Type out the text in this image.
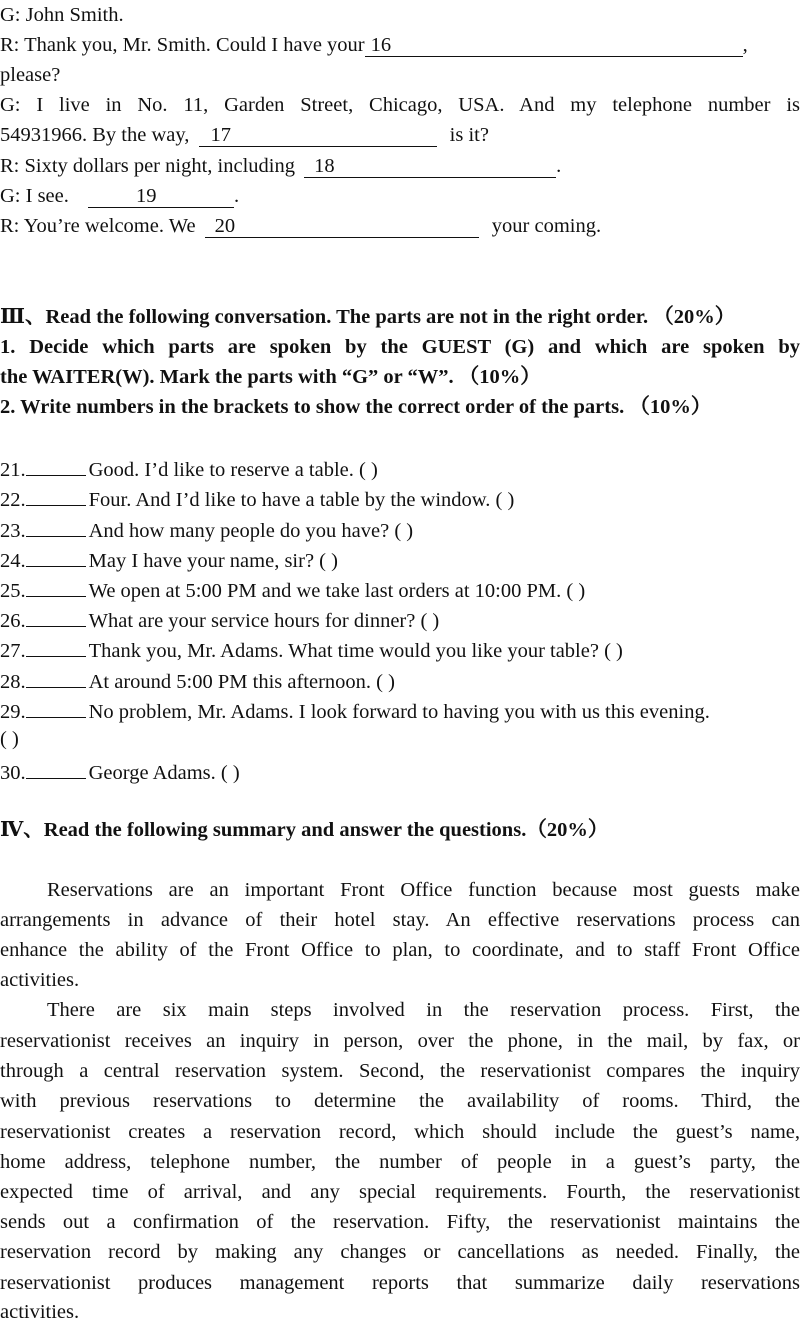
G: John Smith.
R: Thank you, Mr. Smith. Could I have your 16	,
please?
G: I live in No. 11, Garden Street, Chicago, USA. And my telephone number is
54931966. By the way, 17	is it?
R: Sixty dollars per night, including 18	.
G: I see.	19	.
R: You’re welcome. We 20	your coming.
Ⅲ、Read the following conversation. The parts are not in the right order. （20%）
1. Decide which parts are spoken by the GUEST (G) and which are spoken by
the WAITER(W). Mark the parts with “G” or “W”. （10%）
2. Write numbers in the brackets to show the correct order of the parts. （10%）
21.	Good. I’d like to reserve a table. ( )
22.	Four. And I’d like to have a table by the window. ( )
23.	And how many people do you have? ( )
24.	May I have your name, sir? ( )
25.	We open at 5:00 PM and we take last orders at 10:00 PM. ( )
26.	What are your service hours for dinner? ( )
27.	Thank you, Mr. Adams. What time would you like your table? ( )
28.	At around 5:00 PM this afternoon. ( )
29.	No problem, Mr. Adams. I look forward to having you with us this evening.
( )
30.	George Adams. ( )
Ⅳ、Read the following summary and answer the questions.（20%）
Reservations are an important Front Office function because most guests make
arrangements in advance of their hotel stay. An effective reservations process can
enhance the ability of the Front Office to plan, to coordinate, and to staff Front Office
activities.
There are six main steps involved in the reservation process. First, the
reservationist receives an inquiry in person, over the phone, in the mail, by fax, or
through a central reservation system. Second, the reservationist compares the inquiry
with previous reservations to determine the availability of rooms. Third, the
reservationist creates a reservation record, which should include the guest’s name,
home address, telephone number, the number of people in a guest’s party, the
expected time of arrival, and any special requirements. Fourth, the reservationist
sends out a confirmation of the reservation. Fifty, the reservationist maintains the
reservation record by making any changes or cancellations as needed. Finally, the
reservationist produces management reports that summarize daily reservations
activities.
